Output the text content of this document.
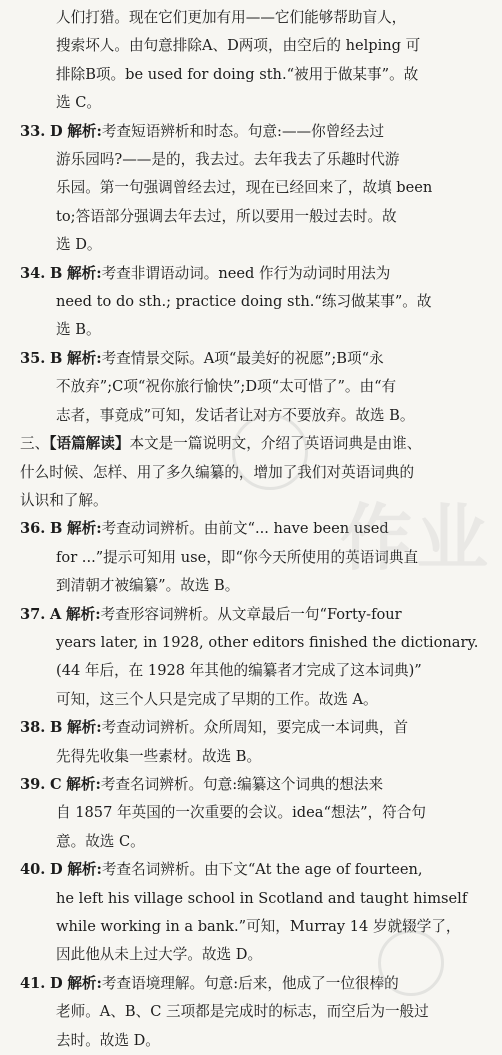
人们打猎。现在它们更加有用——它们能够帮助盲人，
搜索坏人。由句意排除A、D两项，由空后的 helping 可
排除B项。be used for doing sth.“被用于做某事”。故
选 C。
33. D 解析:考查短语辨析和时态。句意:——你曾经去过
游乐园吗?——是的，我去过。去年我去了乐趣时代游
乐园。第一句强调曾经去过，现在已经回来了，故填 been
to;答语部分强调去年去过，所以要用一般过去时。故
选 D。
34. B 解析:考查非谓语动词。need 作行为动词时用法为
need to do sth.; practice doing sth.“练习做某事”。故
选 B。
35. B 解析:考查情景交际。A项“最美好的祝愿”;B项“永
不放弃”;C项“祝你旅行愉快”;D项“太可惜了”。由“有
志者，事竟成”可知，发话者让对方不要放弃。故选 B。
三、【语篇解读】本文是一篇说明文，介绍了英语词典是由谁、
什么时候、怎样、用了多久编纂的，增加了我们对英语词典的
认识和了解。
36. B 解析:考查动词辨析。由前文“... have been used
for ...”提示可知用 use，即“你今天所使用的英语词典直
到清朝才被编纂”。故选 B。
37. A 解析:考查形容词辨析。从文章最后一句“Forty-four
years later, in 1928, other editors finished the dictionary.
(44 年后，在 1928 年其他的编纂者才完成了这本词典)”
可知，这三个人只是完成了早期的工作。故选 A。
38. B 解析:考查动词辨析。众所周知，要完成一本词典，首
先得先收集一些素材。故选 B。
39. C 解析:考查名词辨析。句意:编纂这个词典的想法来
自 1857 年英国的一次重要的会议。idea“想法”，符合句
意。故选 C。
40. D 解析:考查名词辨析。由下文“At the age of fourteen,
he left his village school in Scotland and taught himself
while working in a bank.”可知，Murray 14 岁就辍学了，
因此他从未上过大学。故选 D。
41. D 解析:考查语境理解。句意:后来，他成了一位很棒的
老师。A、B、C 三项都是完成时的标志，而空后为一般过
去时。故选 D。
作业
